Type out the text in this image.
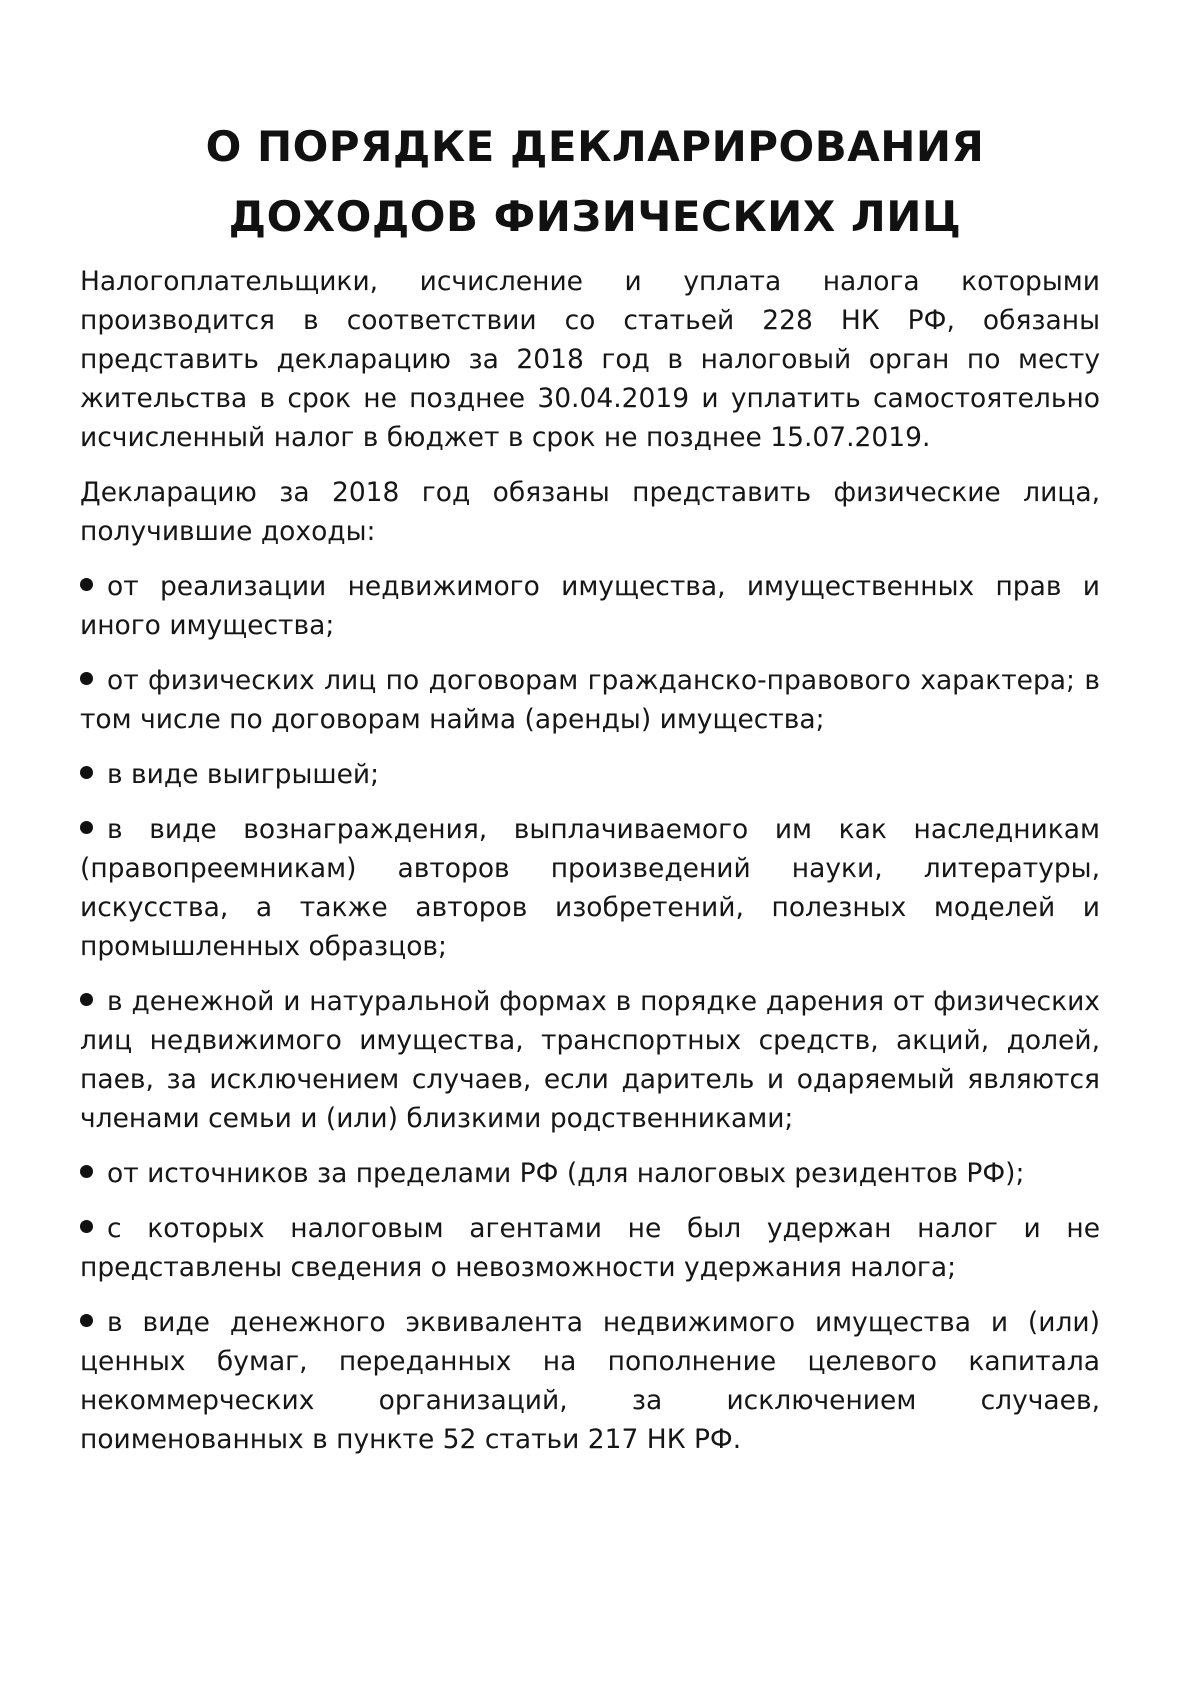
О ПОРЯДКЕ ДЕКЛАРИРОВАНИЯ
ДОХОДОВ ФИЗИЧЕСКИХ ЛИЦ

Налогоплательщики, исчисление и уплата налога которыми производится в соответствии со статьей 228 НК РФ, обязаны представить декларацию за 2018 год в налоговый орган по месту жительства в срок не позднее 30.04.2019 и уплатить самостоятельно исчисленный налог в бюджет в срок не позднее 15.07.2019.

Декларацию за 2018 год обязаны представить физические лица, получившие доходы:

от реализации недвижимого имущества, имущественных прав и иного имущества;
от физических лиц по договорам гражданско-правового характера; в том числе по договорам найма (аренды) имущества;
в виде выигрышей;
в виде вознаграждения, выплачиваемого им как наследникам (правопреемникам) авторов произведений науки, литературы, искусства, а также авторов изобретений, полезных моделей и промышленных образцов;
в денежной и натуральной формах в порядке дарения от физических лиц недвижимого имущества, транспортных средств, акций, долей, паев, за исключением случаев, если даритель и одаряемый являются членами семьи и (или) близкими родственниками;
от источников за пределами РФ (для налоговых резидентов РФ);
с которых налоговым агентами не был удержан налог и не представлены сведения о невозможности удержания налога;
в виде денежного эквивалента недвижимого имущества и (или) ценных бумаг, переданных на пополнение целевого капитала некоммерческих организаций, за исключением случаев, поименованных в пункте 52 статьи 217 НК РФ.
